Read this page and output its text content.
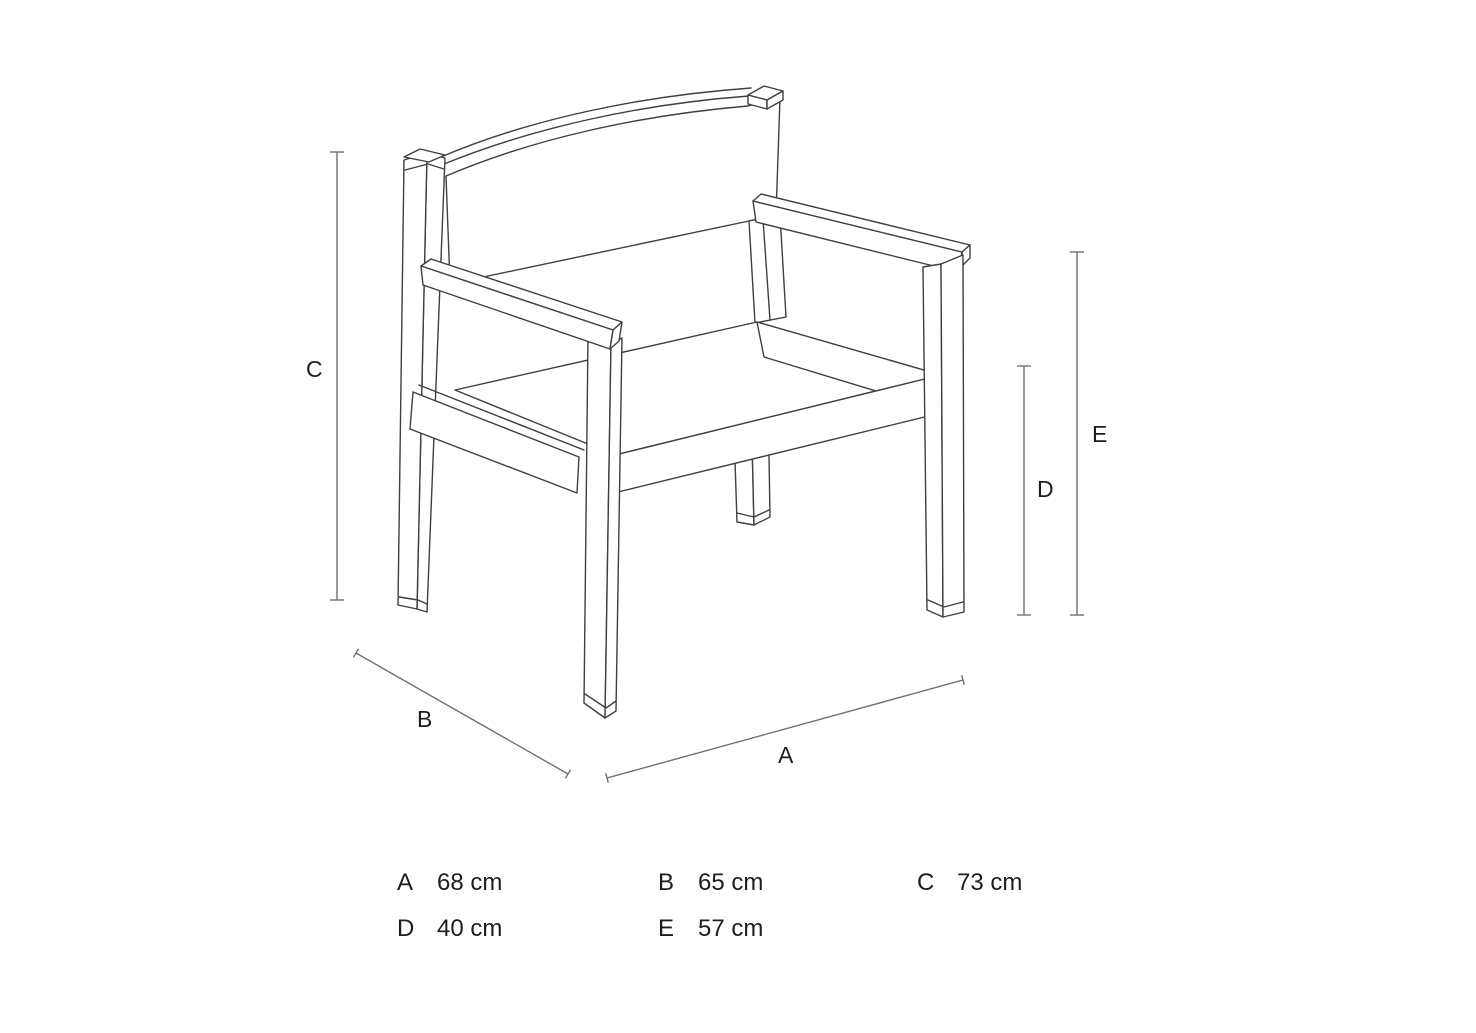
C
D
E
B
A
A 68 cm	B 65 cm	C 73 cm
D 40 cm	E 57 cm
